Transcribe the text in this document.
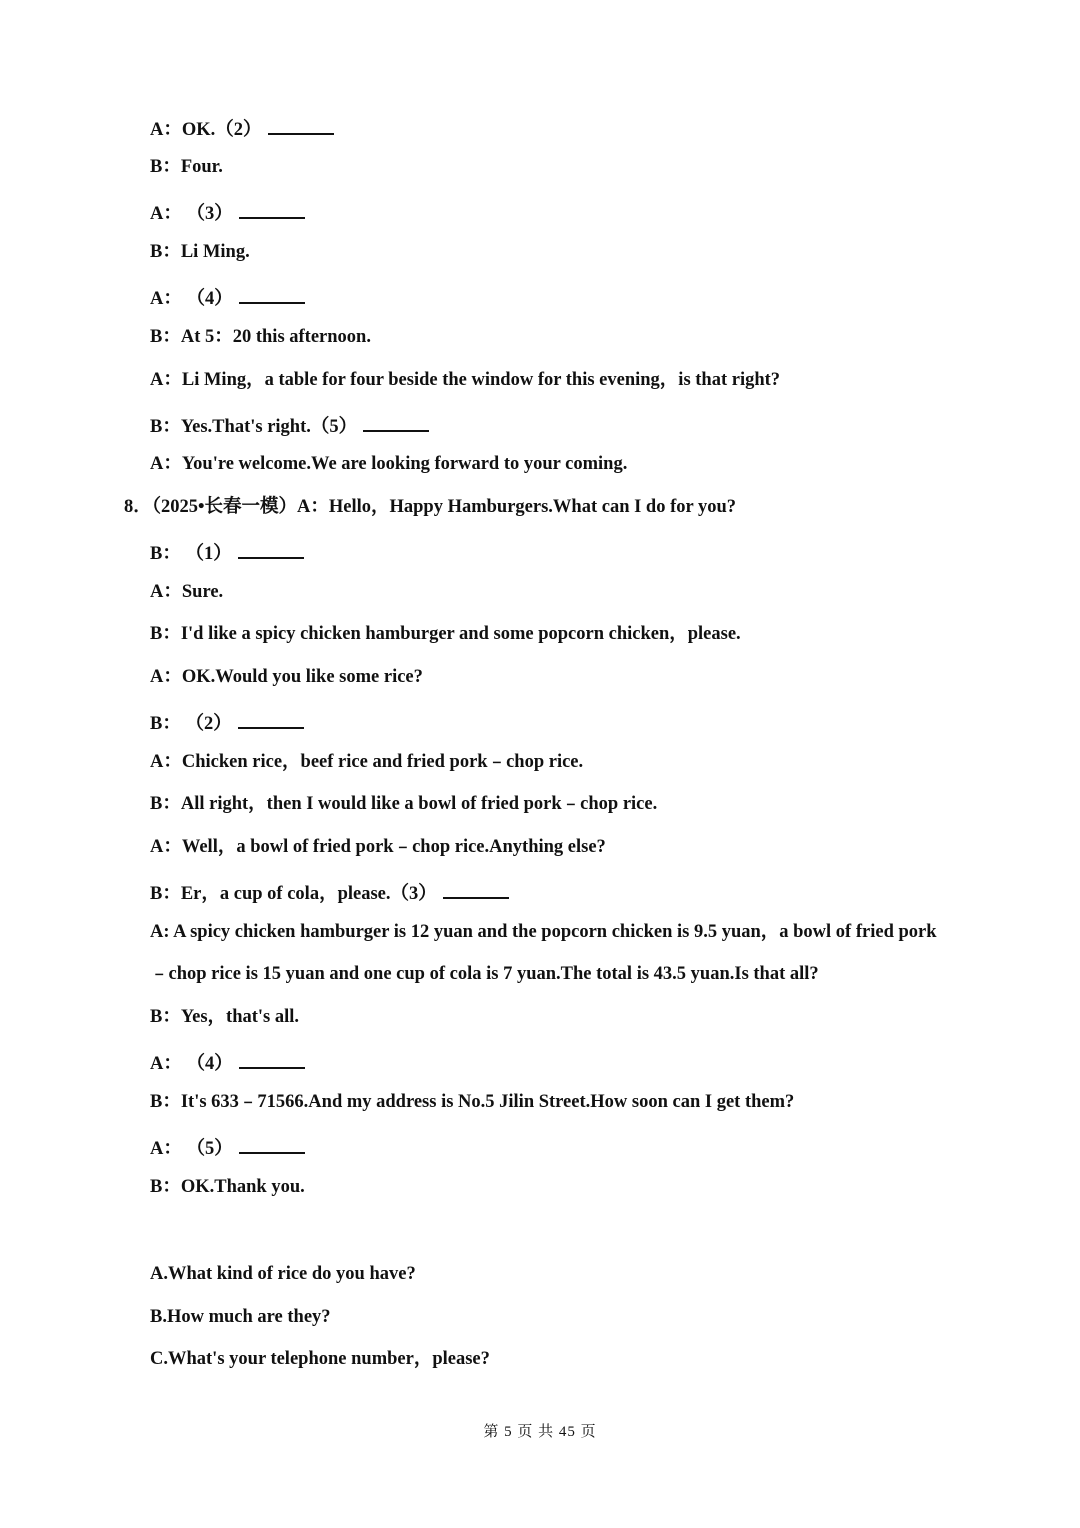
A：OK.（2）
B：Four.
A： （3）
B：Li Ming.
A： （4）
B：At 5：20 this afternoon.
A：Li Ming，a table for four beside the window for this evening，is that right?
B：Yes.That's right.（5）
A：You're welcome.We are looking forward to your coming.
8．（2025•长春一模）A：Hello，Happy Hamburgers.What can I do for you?
B： （1）
A：Sure.
B：I'd like a spicy chicken hamburger and some popcorn chicken，please.
A：OK.Would you like some rice?
B： （2）
A：Chicken rice，beef rice and fried pork﹣chop rice.
B：All right，then I would like a bowl of fried pork﹣chop rice.
A：Well，a bowl of fried pork﹣chop rice.Anything else?
B：Er，a cup of cola，please.（3）
A: A spicy chicken hamburger is 12 yuan and the popcorn chicken is 9.5 yuan，a bowl of fried pork
﹣chop rice is 15 yuan and one cup of cola is 7 yuan.The total is 43.5 yuan.Is that all?
B：Yes，that's all.
A： （4）
B：It's 633﹣71566.And my address is No.5 Jilin Street.How soon can I get them?
A： （5）
B：OK.Thank you.
A.What kind of rice do you have?
B.How much are they?
C.What's your telephone number，please?
第 5 页 共 45 页
